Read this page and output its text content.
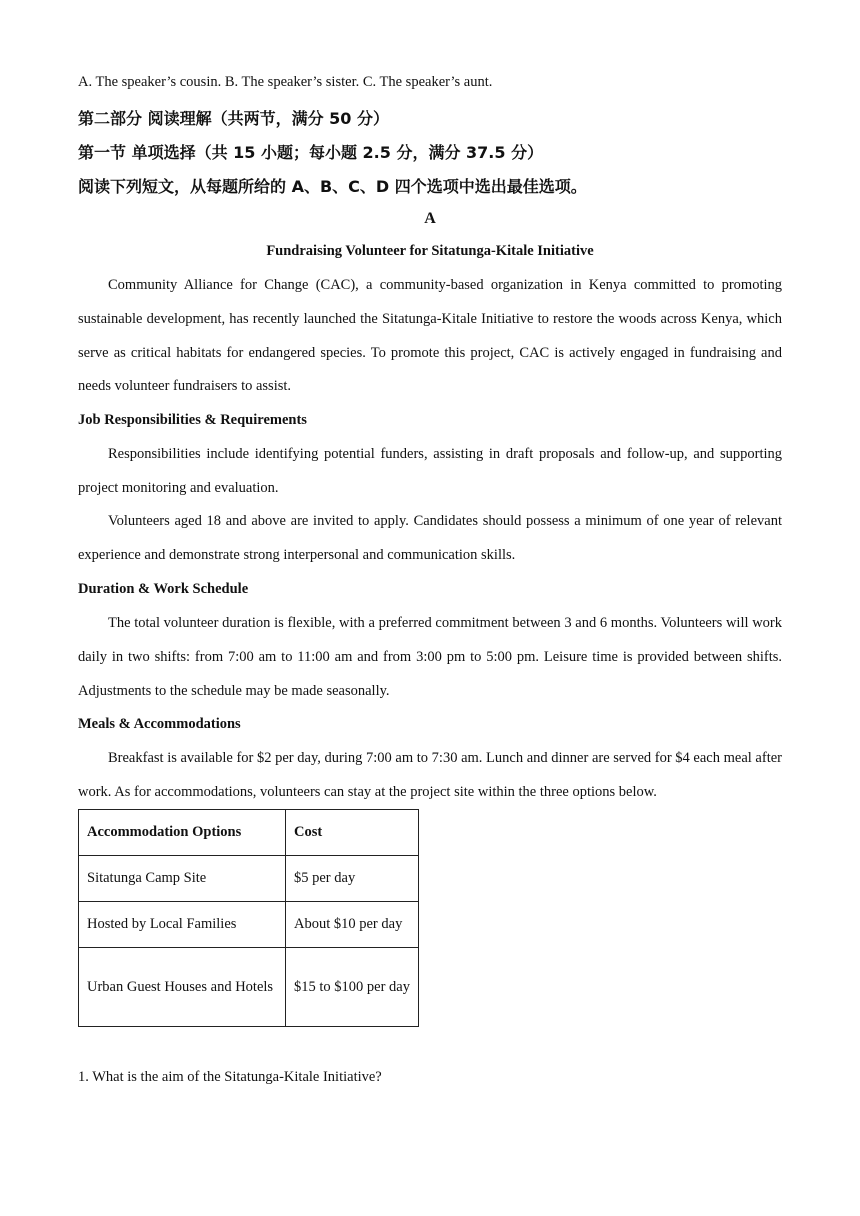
A. The speaker’s cousin. B. The speaker’s sister. C. The speaker’s aunt.
第二部分 阅读理解（共两节，满分 50 分）
第一节 单项选择（共 15 小题；每小题 2.5 分，满分 37.5 分）
阅读下列短文，从每题所给的 A、B、C、D 四个选项中选出最佳选项。
A
Fundraising Volunteer for Sitatunga-Kitale Initiative
Community Alliance for Change (CAC), a community-based organization in Kenya committed to promoting sustainable development, has recently launched the Sitatunga-Kitale Initiative to restore the woods across Kenya, which serve as critical habitats for endangered species. To promote this project, CAC is actively engaged in fundraising and needs volunteer fundraisers to assist.
Job Responsibilities & Requirements
Responsibilities include identifying potential funders, assisting in draft proposals and follow-up, and supporting project monitoring and evaluation.
Volunteers aged 18 and above are invited to apply. Candidates should possess a minimum of one year of relevant experience and demonstrate strong interpersonal and communication skills.
Duration & Work Schedule
The total volunteer duration is flexible, with a preferred commitment between 3 and 6 months. Volunteers will work daily in two shifts: from 7:00 am to 11:00 am and from 3:00 pm to 5:00 pm. Leisure time is provided between shifts. Adjustments to the schedule may be made seasonally.
Meals & Accommodations
Breakfast is available for $2 per day, during 7:00 am to 7:30 am. Lunch and dinner are served for $4 each meal after work. As for accommodations, volunteers can stay at the project site within the three options below.
Accommodation Options	Cost
Sitatunga Camp Site	$5 per day
Hosted by Local Families	About $10 per day
Urban Guest Houses and Hotels	$15 to $100 per day
1. What is the aim of the Sitatunga-Kitale Initiative?
